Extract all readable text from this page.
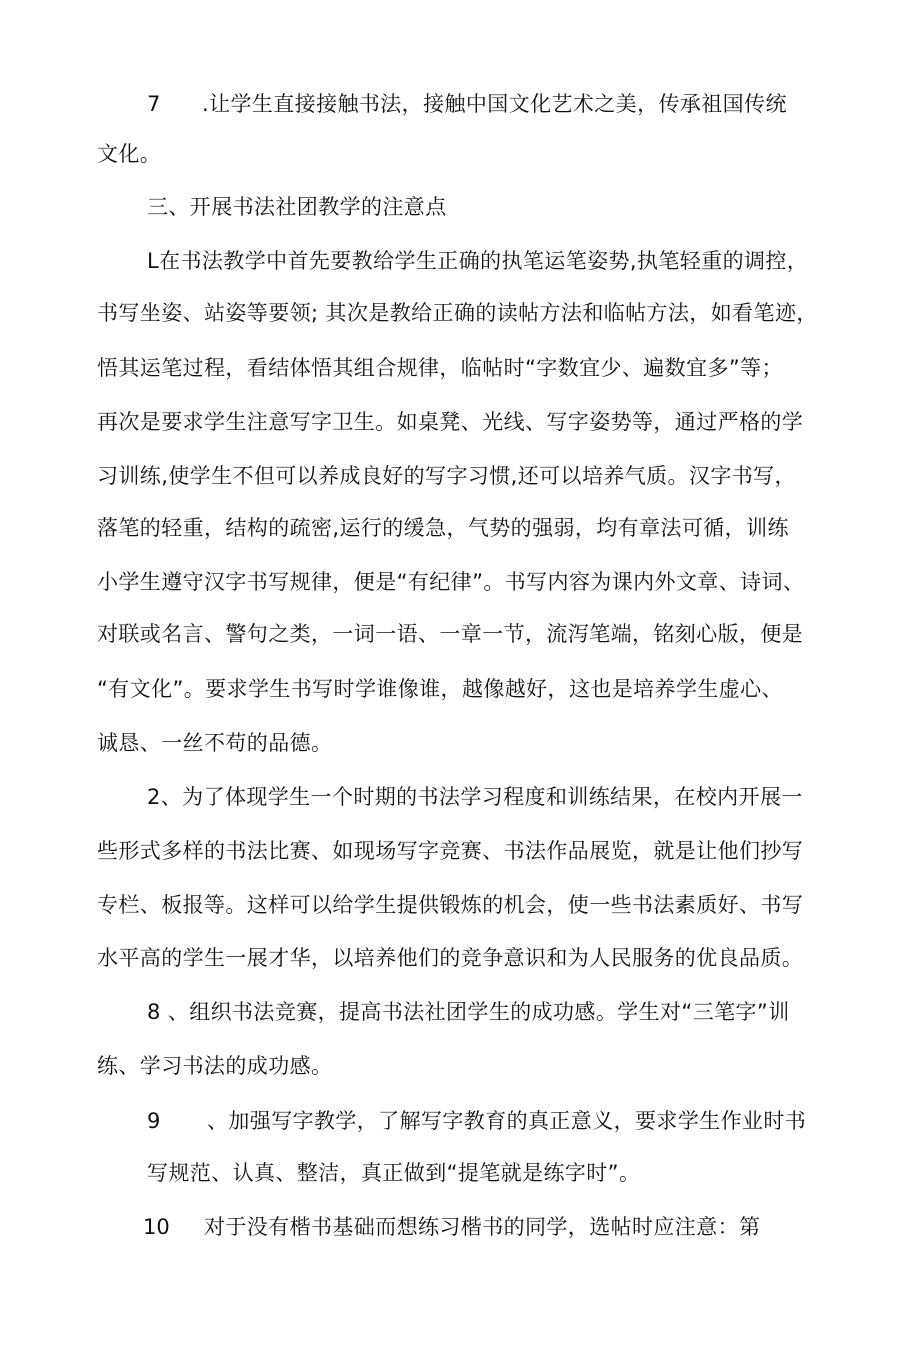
7 .让学生直接接触书法，接触中国文化艺术之美，传承祖国传统
文化。
三、开展书法社团教学的注意点
L在书法教学中首先要教给学生正确的执笔运笔姿势,执笔轻重的调控，
书写坐姿、站姿等要领; 其次是教给正确的读帖方法和临帖方法，如看笔迹，
悟其运笔过程，看结体悟其组合规律，临帖时“字数宜少、遍数宜多”等；
再次是要求学生注意写字卫生。如桌凳、光线、写字姿势等，通过严格的学
习训练,使学生不但可以养成良好的写字习惯,还可以培养气质。汉字书写，
落笔的轻重，结构的疏密,运行的缓急，气势的强弱，均有章法可循，训练
小学生遵守汉字书写规律，便是“有纪律”。书写内容为课内外文章、诗词、
对联或名言、警句之类，一词一语、一章一节，流泻笔端，铭刻心版，便是
“有文化”。要求学生书写时学谁像谁，越像越好，这也是培养学生虚心、
诚恳、一丝不苟的品德。
2、为了体现学生一个时期的书法学习程度和训练结果，在校内开展一
些形式多样的书法比赛、如现场写字竞赛、书法作品展览，就是让他们抄写
专栏、板报等。这样可以给学生提供锻炼的机会，使一些书法素质好、书写
水平高的学生一展才华，以培养他们的竞争意识和为人民服务的优良品质。
8 、组织书法竞赛，提高书法社团学生的成功感。学生对“三笔字”训
练、学习书法的成功感。
9 、加强写字教学，了解写字教育的真正意义，要求学生作业时书
写规范、认真、整洁，真正做到“提笔就是练字时”。
10 对于没有楷书基础而想练习楷书的同学，选帖时应注意：第
